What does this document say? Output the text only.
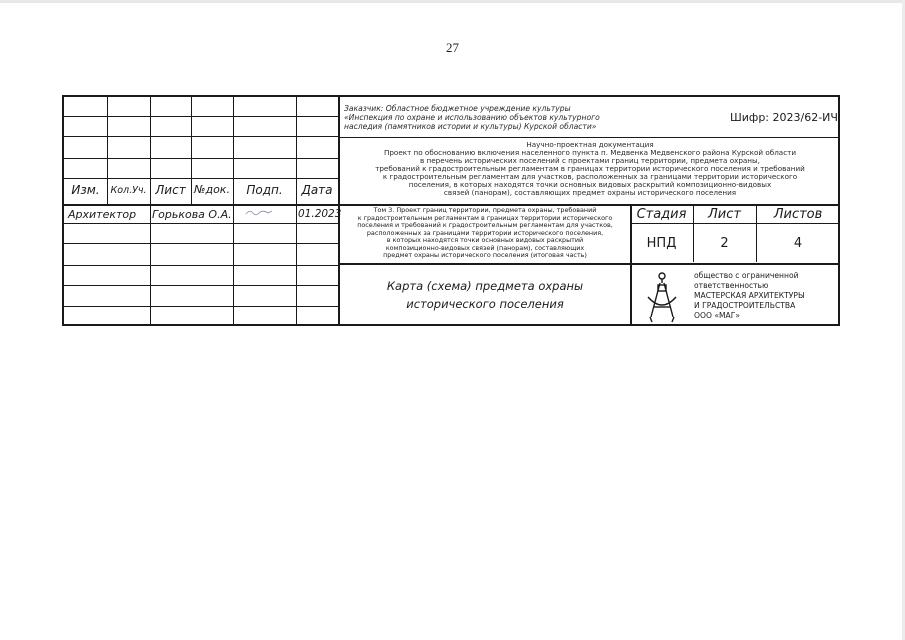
27
Изм.	Кол.Уч. Лист №док.	Подп.	Дата
Архитектор Горькова О.А.	01.2023
Заказчик: Областное бюджетное учреждение культуры
«Инспекция по охране и использованию объектов культурного
наследия (памятников истории и культуры) Курской области»
Шифр: 2023/62-ИЧ
Научно-проектная документация
Проект по обоснованию включения населенного пункта п. Медвенка Медвенского района Курской области
в перечень исторических поселений с проектами границ территории, предмета охраны,
требований к градостроительным регламентам в границах территории исторического поселения и требований
к градостроительным регламентам для участков, расположенных за границами территории исторического
поселения, в которых находятся точки основных видовых раскрытий композиционно-видовых
связей (панорам), составляющих предмет охраны исторического поселения
Том 3. Проект границ территории, предмета охраны, требований
к градостроительным регламентам в границах территории исторического
поселения и требований к градостроительным регламентам для участков,
расположенных за границами территории исторического поселения,
в которых находятся точки основных видовых раскрытий
композиционно-видовых связей (панорам), составляющих
предмет охраны исторического поселения (итоговая часть)
Стадия	Лист	Листов
НПД	2	4
Карта (схема) предмета охраны
исторического поселения
общество с ограниченной
ответственностью
МАСТЕРСКАЯ АРХИТЕКТУРЫ
И ГРАДОСТРОИТЕЛЬСТВА
ООО «МАГ»
